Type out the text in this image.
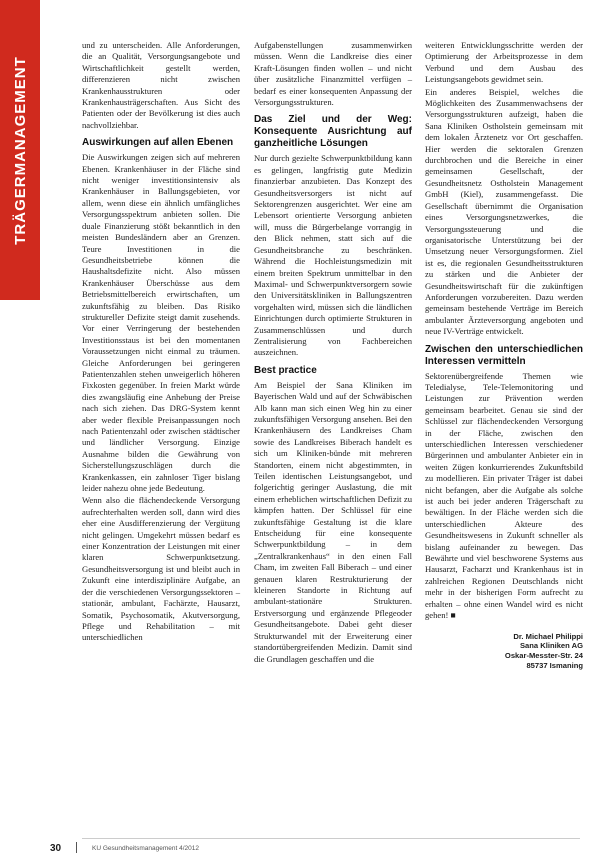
TRÄGERMANAGEMENT

und zu unterscheiden. Alle Anforderungen, die an Qualität, Versorgungsangebote und Wirtschaftlichkeit gestellt werden, differenzieren nicht zwischen Krankenhausstrukturen oder Krankenhausträgerschaften. Aus Sicht des Patienten oder der Bevölkerung ist dies auch nachvollziehbar.

Auswirkungen auf allen Ebenen

Die Auswirkungen zeigen sich auf mehreren Ebenen. Krankenhäuser in der Fläche sind nicht weniger investitionsintensiv als Krankenhäuser in Ballungsgebieten, vor allem, wenn diese ein ähnlich umfängliches Versorgungsspektrum anbieten sollen. Die duale Finanzierung stößt bekanntlich in den meisten Bundesländern aber an Grenzen. Teure Investitionen in die Gesundheitsbetriebe können die Haushaltsdefizite nicht. Also müssen Krankenhäuser Überschüsse aus dem Betriebsmittelbereich erwirtschaften, um zukunftsfähig zu bleiben. Das Risiko struktureller Defizite steigt damit zusehends. Vor einer Verringerung der bestehenden Investitionsstaus ist bei den momentanen Voraussetzungen nicht einmal zu träumen. Gleiche Anforderungen bei geringeren Patientenzahlen stehen unweigerlich höheren Fixkosten gegenüber. In freien Markt würde dies zwangsläufig eine Anhebung der Preise nach sich ziehen. Das DRG-System kennt aber weder flexible Preisanpassungen noch nach Patientenzahl oder zwischen städtischer und ländlicher Versorgung. Einzige Ausnahme bilden die Gewährung von Sicherstellungszuschlägen durch die Krankenkassen, ein zahnloser Tiger bislang leider nahezu ohne jede Bedeutung.

Wenn also die flächendeckende Versorgung aufrechterhalten werden soll, dann wird dies eher eine Ausdifferenzierung der Vergütung nicht gelingen. Umgekehrt müssen bedarf es einer Konzentration der Leistungen mit einer klaren Schwerpunktsetzung. Gesundheitsversorgung ist und bleibt auch in Zukunft eine interdisziplinäre Aufgabe, an der die verschiedenen Versorgungssektoren – stationär, ambulant, Fachärzte, Hausarzt, Somatik, Psychosomatik, Akutversorgung, Pflege und Rehabilitation – mit unterschiedlichen

Aufgabenstellungen zusammenwirken müssen. Wenn die Landkreise dies einer Kraft-Lösungen finden wollen – und nicht über zusätzliche Finanzmittel verfügen – bedarf es einer konsequenten Anpassung der Versorgungsstrukturen.

Das Ziel und der Weg: Konsequente Ausrichtung auf ganzheitliche Lösungen

Nur durch gezielte Schwerpunktbildung kann es gelingen, langfristig gute Medizin finanzierbar anzubieten. Das Konzept des Gesundheitsversorgers ist nicht auf Sektorengrenzen ausgerichtet. Wer eine am Lebensort orientierte Versorgung anbieten will, muss die Bürgerbelange vorrangig in den Blick nehmen, statt sich auf die Gesundheitsbranche zu beschränken. Während die Hochleistungsmedizin mit einem breiten Spektrum unmittelbar in den Maximal- und Schwerpunktversorgern sowie den Universitätskliniken in Ballungszentren vorgehalten wird, müssen sich die ländlichen Einrichtungen durch optimierte Strukturen in Zusammenschlüssen und durch Zentralisierung von Fachbereichen auszeichnen.

Best practice

Am Beispiel der Sana Kliniken im Bayerischen Wald und auf der Schwäbischen Alb kann man sich einen Weg hin zu einer zukunftsfähigen Versorgung ansehen. Bei den Krankenhäusern des Landkreises Cham sowie des Landkreises Biberach handelt es sich um Kliniken-bünde mit mehreren Standorten, einem nicht abgestimmten, in Teilen identischen Leistungsangebot, und folgerichtig geringer Auslastung, die mit einem erheblichen wirtschaftlichen Defizit zu kämpfen hatten. Der Schlüssel für eine zukunftsfähige Gestaltung ist die klare Entscheidung für eine konsequente Schwerpunktbildung – in dem „Zentralkrankenhaus“ in den einen Fall Cham, im zweiten Fall Biberach – und einer genauen klaren Restrukturierung der kleineren Standorte in Richtung auf ambulant-stationäre Strukturen. Erstversorgung und ergänzende Pflegeoder Gesundheitsangebote. Dabei geht dieser Strukturwandel mit der Erweiterung einer standortübergreifenden Medizin. Damit sind die Grundlagen geschaffen und die

weiteren Entwicklungsschritte werden der Optimierung der Arbeitsprozesse in dem Verbund und dem Ausbau des Leistungsangebots gewidmet sein.

Ein anderes Beispiel, welches die Möglichkeiten des Zusammenwachsens der Versorgungsstrukturen aufzeigt, haben die Sana Kliniken Ostholstein gemeinsam mit dem lokalen Ärztenetz vor Ort geschaffen. Hier werden die sektoralen Grenzen durchbrochen und die Bereiche in einer gemeinsamen Gesellschaft, der Gesundheitsnetz Ostholstein Management GmbH (Kiel), zusammengefasst. Die Gesellschaft übernimmt die Organisation eines Versorgungsnetzwerkes, die Versorgungssteuerung und die organisatorische Unterstützung bei der Umsetzung neuer Versorgungsformen. Ziel ist es, die regionalen Gesundheitsstrukturen zu stärken und die Anbieter der Gesundheitswirtschaft für die zukünftigen Anforderungen vorzubereiten. Dazu werden gemeinsam bestehende Verträge im Bereich ambulanter Ärzteversorgung angeboten und neue IV-Verträge entwickelt.

Zwischen den unterschiedlichen Interessen vermitteln

Sektorenübergreifende Themen wie Teledialyse, Tele-Telemonitoring und Leistungen zur Prävention werden gemeinsam bearbeitet. Genau sie sind der Schlüssel zur flächendeckenden Versorgung in der Fläche, zwischen den unterschiedlichen Interessen verschiedener Bürgerinnen und ambulanter Anbieter ein in weiten Zügen konkurrierendes Zukunftsbild zu modellieren. Ein privater Träger ist dabei nicht befangen, aber die Aufgabe als solche ist auch bei jeder anderen Trägerschaft zu bewältigen. In der Fläche werden sich die unterschiedlichen Akteure des Gesundheitswesens in Zukunft schneller als bislang aufeinander zu bewegen. Das Bewährte und viel beschworene Systems aus Hausarzt, Facharzt und Krankenhaus ist in zahlreichen Regionen Deutschlands nicht mehr in der bisherigen Form aufrecht zu erhalten – ohne einen Wandel wird es nicht gehen! ■

Dr. Michael Philippi
Sana Kliniken AG
Oskar-Messter-Str. 24
85737 Ismaning
30	KU Gesundheitsmanagement 4/2012
